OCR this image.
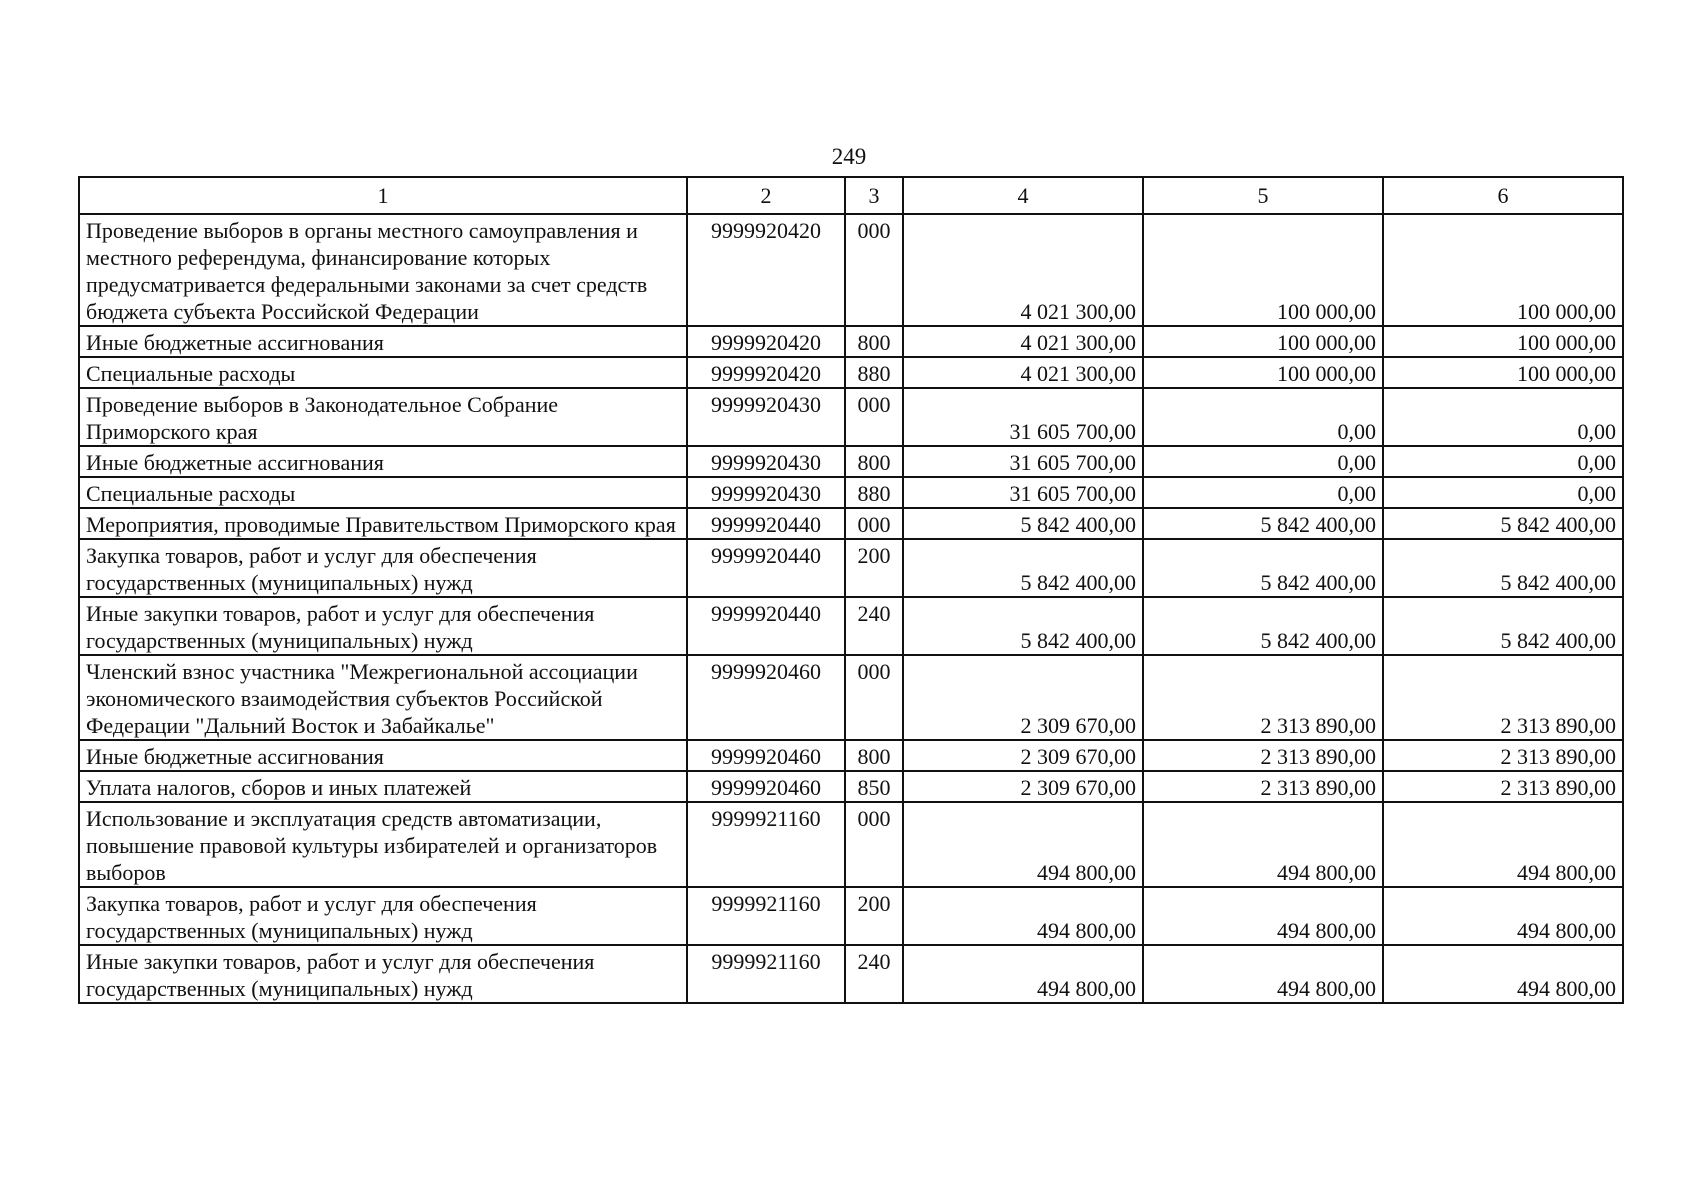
249
1	2	3	4	5	6
Проведение выборов в органы местного самоуправления и местного референдума, финансирование которых предусматривается федеральными законами за счет средств бюджета субъекта Российской Федерации	9999920420	000	4 021 300,00	100 000,00	100 000,00
Иные бюджетные ассигнования	9999920420	800	4 021 300,00	100 000,00	100 000,00
Специальные расходы	9999920420	880	4 021 300,00	100 000,00	100 000,00
Проведение выборов в Законодательное Собрание Приморского края	9999920430	000	31 605 700,00	0,00	0,00
Иные бюджетные ассигнования	9999920430	800	31 605 700,00	0,00	0,00
Специальные расходы	9999920430	880	31 605 700,00	0,00	0,00
Мероприятия, проводимые Правительством Приморского края	9999920440	000	5 842 400,00	5 842 400,00	5 842 400,00
Закупка товаров, работ и услуг для обеспечения государственных (муниципальных) нужд	9999920440	200	5 842 400,00	5 842 400,00	5 842 400,00
Иные закупки товаров, работ и услуг для обеспечения государственных (муниципальных) нужд	9999920440	240	5 842 400,00	5 842 400,00	5 842 400,00
Членский взнос участника "Межрегиональной ассоциации экономического взаимодействия субъектов Российской Федерации "Дальний Восток и Забайкалье"	9999920460	000	2 309 670,00	2 313 890,00	2 313 890,00
Иные бюджетные ассигнования	9999920460	800	2 309 670,00	2 313 890,00	2 313 890,00
Уплата налогов, сборов и иных платежей	9999920460	850	2 309 670,00	2 313 890,00	2 313 890,00
Использование и эксплуатация средств автоматизации, повышение правовой культуры избирателей и организаторов выборов	9999921160	000	494 800,00	494 800,00	494 800,00
Закупка товаров, работ и услуг для обеспечения государственных (муниципальных) нужд	9999921160	200	494 800,00	494 800,00	494 800,00
Иные закупки товаров, работ и услуг для обеспечения государственных (муниципальных) нужд	9999921160	240	494 800,00	494 800,00	494 800,00
